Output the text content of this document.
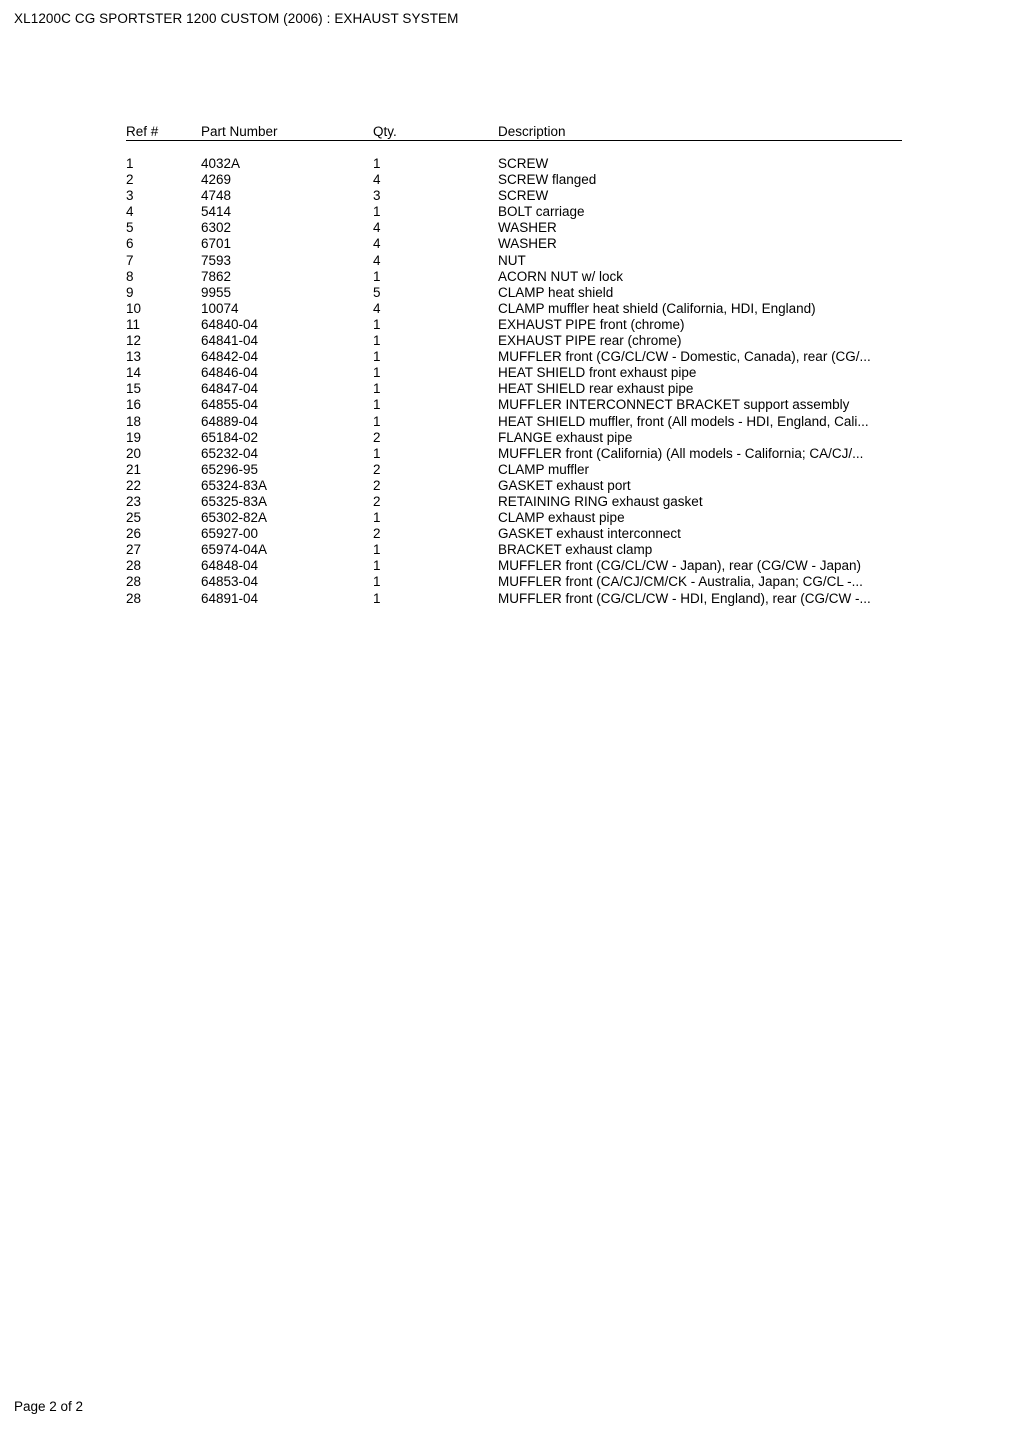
XL1200C CG SPORTSTER 1200 CUSTOM (2006) : EXHAUST SYSTEM
Ref #	Part Number	Qty.	Description
1	4032A	1	SCREW
2	4269	4	SCREW flanged
3	4748	3	SCREW
4	5414	1	BOLT carriage
5	6302	4	WASHER
6	6701	4	WASHER
7	7593	4	NUT
8	7862	1	ACORN NUT w/ lock
9	9955	5	CLAMP heat shield
10	10074	4	CLAMP muffler heat shield (California, HDI, England)
11	64840-04	1	EXHAUST PIPE front (chrome)
12	64841-04	1	EXHAUST PIPE rear (chrome)
13	64842-04	1	MUFFLER front (CG/CL/CW - Domestic, Canada), rear (CG/...
14	64846-04	1	HEAT SHIELD front exhaust pipe
15	64847-04	1	HEAT SHIELD rear exhaust pipe
16	64855-04	1	MUFFLER INTERCONNECT BRACKET support assembly
18	64889-04	1	HEAT SHIELD muffler, front (All models - HDI, England, Cali...
19	65184-02	2	FLANGE exhaust pipe
20	65232-04	1	MUFFLER front (California) (All models - California; CA/CJ/...
21	65296-95	2	CLAMP muffler
22	65324-83A	2	GASKET exhaust port
23	65325-83A	2	RETAINING RING exhaust gasket
25	65302-82A	1	CLAMP exhaust pipe
26	65927-00	2	GASKET exhaust interconnect
27	65974-04A	1	BRACKET exhaust clamp
28	64848-04	1	MUFFLER front (CG/CL/CW - Japan), rear (CG/CW - Japan)
28	64853-04	1	MUFFLER front (CA/CJ/CM/CK - Australia, Japan; CG/CL -...
28	64891-04	1	MUFFLER front (CG/CL/CW - HDI, England), rear (CG/CW -...
Page 2 of 2
